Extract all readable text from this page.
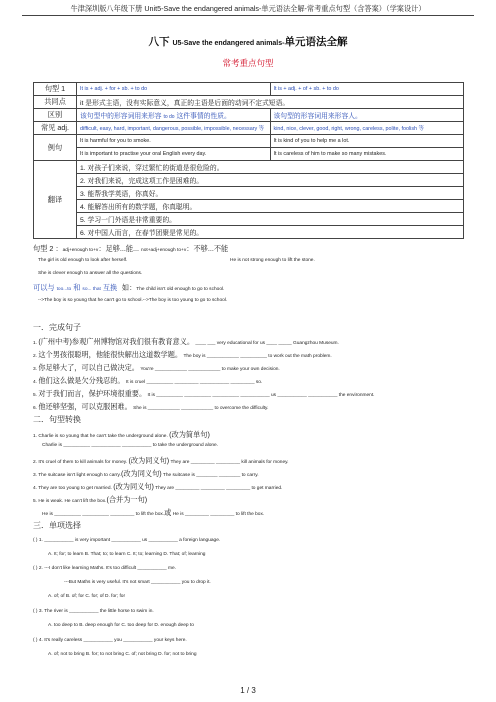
牛津深圳版八年级下册 Unit5-Save the endangered animals-单元语法全解-常考重点句型（含答案）（学案设计）
八下 U5-Save the endangered animals-单元语法全解
常考重点句型
句型 1	It is + adj. + for + sb. + to do	It is + adj. + of + sb. + to do
共同点	it 是形式主语，没有实际意义，真正的主语是后面的动词不定式短语。	
区别	该句型中的形容词用来形容 to do 这件事情的性质。	该句型的形容词用来形容人。
常见 adj.	difficult, easy, hard, important, dangerous, possible, impossible, necessary 等	kind, nice, clever, good, right, wrong, careless, polite, foolish 等
例句	It is harmful for you to smoke.	It is kind of you to help me a lot.
	It is important to practise your oral English every day.	It is careless of him to make so many mistakes.
翻译	1. 对孩子们来说，穿过繁忙的街道是很危险的。	
	2. 对我们来说，完成这项工作是困难的。	
	3. 能帮我学英语，你真好。	
	4. 能解答出所有的数学题，你真聪明。	
	5. 学习一门外语是非常重要的。	
	6. 对中国人而言，在春节团聚是常见的。	
句型 2 ：adj+enough to+v：足够...能... not+adj+enough to+v：不够...不能
The girl is old enough to look after herself.	He is not strong enough to lift the stone.
She is clever enough to answer all the questions.
可以与 too...to 和 so... that 互换   如：The child isn't old enough to go to school.
-->The boy is so young that he can't go to school.-->The boy is too young to go to school.
一．完成句子
1. (广州中考)参观广州博物馆对我们很有教育意义。 ____ ___ very educational for us ____ _____ Guangzhou Museum.
2. 这个男孩很聪明，他能很快解出这道数学题。 The boy is ____________ __________ to work out the math problem.
3. 你足够大了，可以自己做决定。 You're ____________ ____________ to make your own decision.
4. 他们这么做是欠分残忍的。 It is cruel __________ _________ ___________ _________ so.
5. 对于我们而言，保护环境很重要。 It is __________ __________ __________ ___________ us ___________ ___________ the environment.
6. 他还够坚强，可以克服困难。 She is ____________ ____________ to overcome the difficulty.
二．句型转换
1. Charlie is so young that he can't take the underground alone. (改为简单句)
Charlie is __________ ___________ ___________ to take the underground alone.
2. It's cruel of them to kill animals for money. (改为同义句) They are _________ _________ kill animals for money.
3. The suitcase isn't light enough to carry.(改为同义句) The suitcase is ________ ________ to carry.
4. They are too young to get married. (改为同义句) They are _________ _________ _________ to get married.
5. He is weak. He can't lift the box.(合并为一句)
He is __________ __________ _________ to lift the box.或 He is _________ _________ to lift the box.
三．单项选择
( ) 1. ___________ is very important ___________ us ___________ a foreign language.
A. It; for; to learn B. That; to; to learn C. It; to; learning D. That; of; learning
( ) 2. ---I don't like learning Maths. It's too difficult ___________ me.
---But Maths is very useful. It's not smart ___________ you to drop it.
A. of; of B. of; for C. for; of D. for; for
( ) 3. The river is ___________ the little horse to swim in.
A. too deep to B. deep enough for C. too deep for D. enough deep to
( ) 4. It's really careless ___________ you ___________ your keys here.
A. of; not to bring B. for; to not bring C. of; not bring D. for; not to bring
1 / 3
